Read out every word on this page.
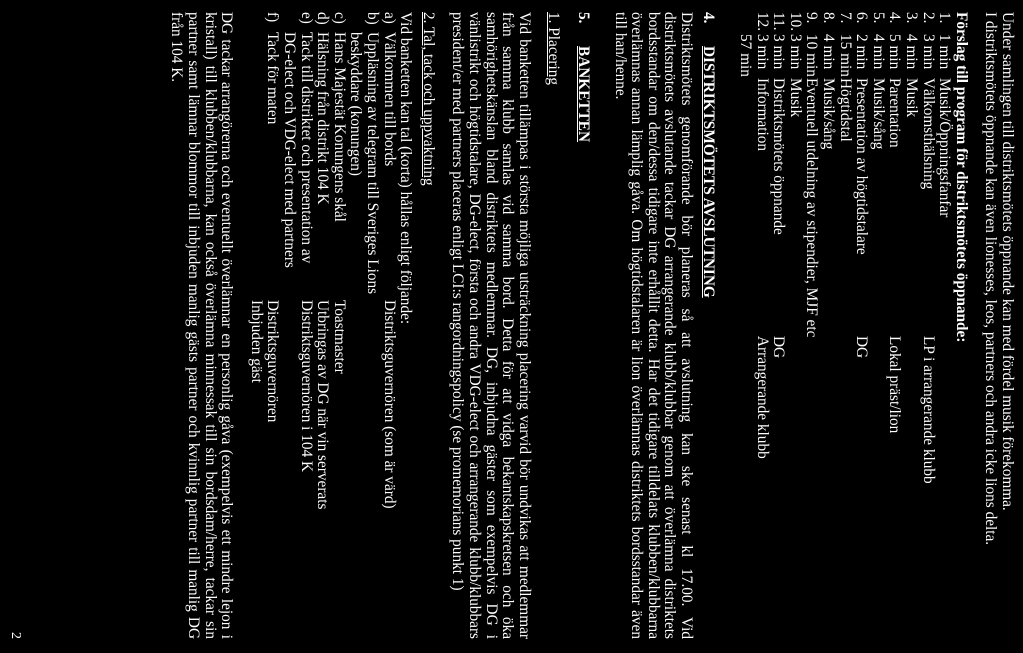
Under samlingen till distriktsmötets öppnande kan med fördel musik förekomma.

I distriktsmötets öppnande kan även lionesses, leos, partners och andra icke lions delta.

Förslag till program för distriktsmötets öppnande:

1.
1 min
Musik/Öppningsfanfar
2.
3 min
Välkomsthälsning
LP i arrangerande klubb
3.
4 min
Musik
4.
5 min
Parentation
Lokal präst/lion
5.
4 min
Musik/sång
6.
2 min
Presentation av högtidstalare
DG
7.
15 min
Högtidstal
8.
4 min
Musik/sång
9.
10 min
Eventuell utdelning av stipendier, MJF etc
10.
3 min
Musik
11.
3 min
Distriktsmötets öppnande
DG
12.
3 min
Information
Arrangerande klubb
57 min
4.
DISTRIKTSMÖTETS AVSLUTNING

Distriktsmötets genomförande bör planeras så att avslutning kan ske senast kl 17.00. Vid distriktsmötets avslutande tackar DG arrangerande klubb/klubbar genom att överlämna distriktets bordsstandar om den/dessa tidigare inte erhållit detta. Har det tidigare tilldelats klubben/klubbarna överlämnas annan lämplig gåva. Om högtidstalaren är lion överlämnas distriktets bordsstandar även till han/henne.

5.
BANKETTEN

1. Placering

Vid banketten tillämpas i största möjliga utsträckning placering varvid bör undvikas att medlemmar från samma klubb samlas vid samma bord. Detta för att vidga bekantskapskretsen och öka samhörighetskänslan bland distriktets medlemmar. DG, inbjudna gäster som exempelvis DG i vänlistrikt och högtidstalare, DG-elect, första och andra VDG-elect och arrangerande klubb/klubbars president/er med partners placeras enligt LCI:s rangordningspolicy (se promemorians punkt 1)

2. Tal, tack och uppvaktning

Vid banketten kan tal (korta) hållas enligt följande:

a)
Välkommen till bords
Distriktsguvernören (som är värd)
b)
Uppläsning av telegram till Sveriges Lions
beskyddare (konungen)
c)
Hans Majestät Konungens skål
Toastmaster
d)
Hälsning från distrikt 104 K
Utbringas av DG när vin serverats
e)
Tack till distriktet och presentation av
Distriktsguvernören i 104 K
DG-elect och VDG-elect med partners
f)
Tack för maten
Distriktsguvernören
Inbjuden gäst

DG tackar arrangörerna och eventuellt överlämnar en personlig gåva (exempelvis ett mindre lejon i kristall) till klubben/klubbarna, kan också överlämna minnessak till sin bordsdam/herre, tackar sin partner samt lämnar blommor till inbjuden manlig gästs partner och kvinnlig partner till manlig DG från 104 K.

2
